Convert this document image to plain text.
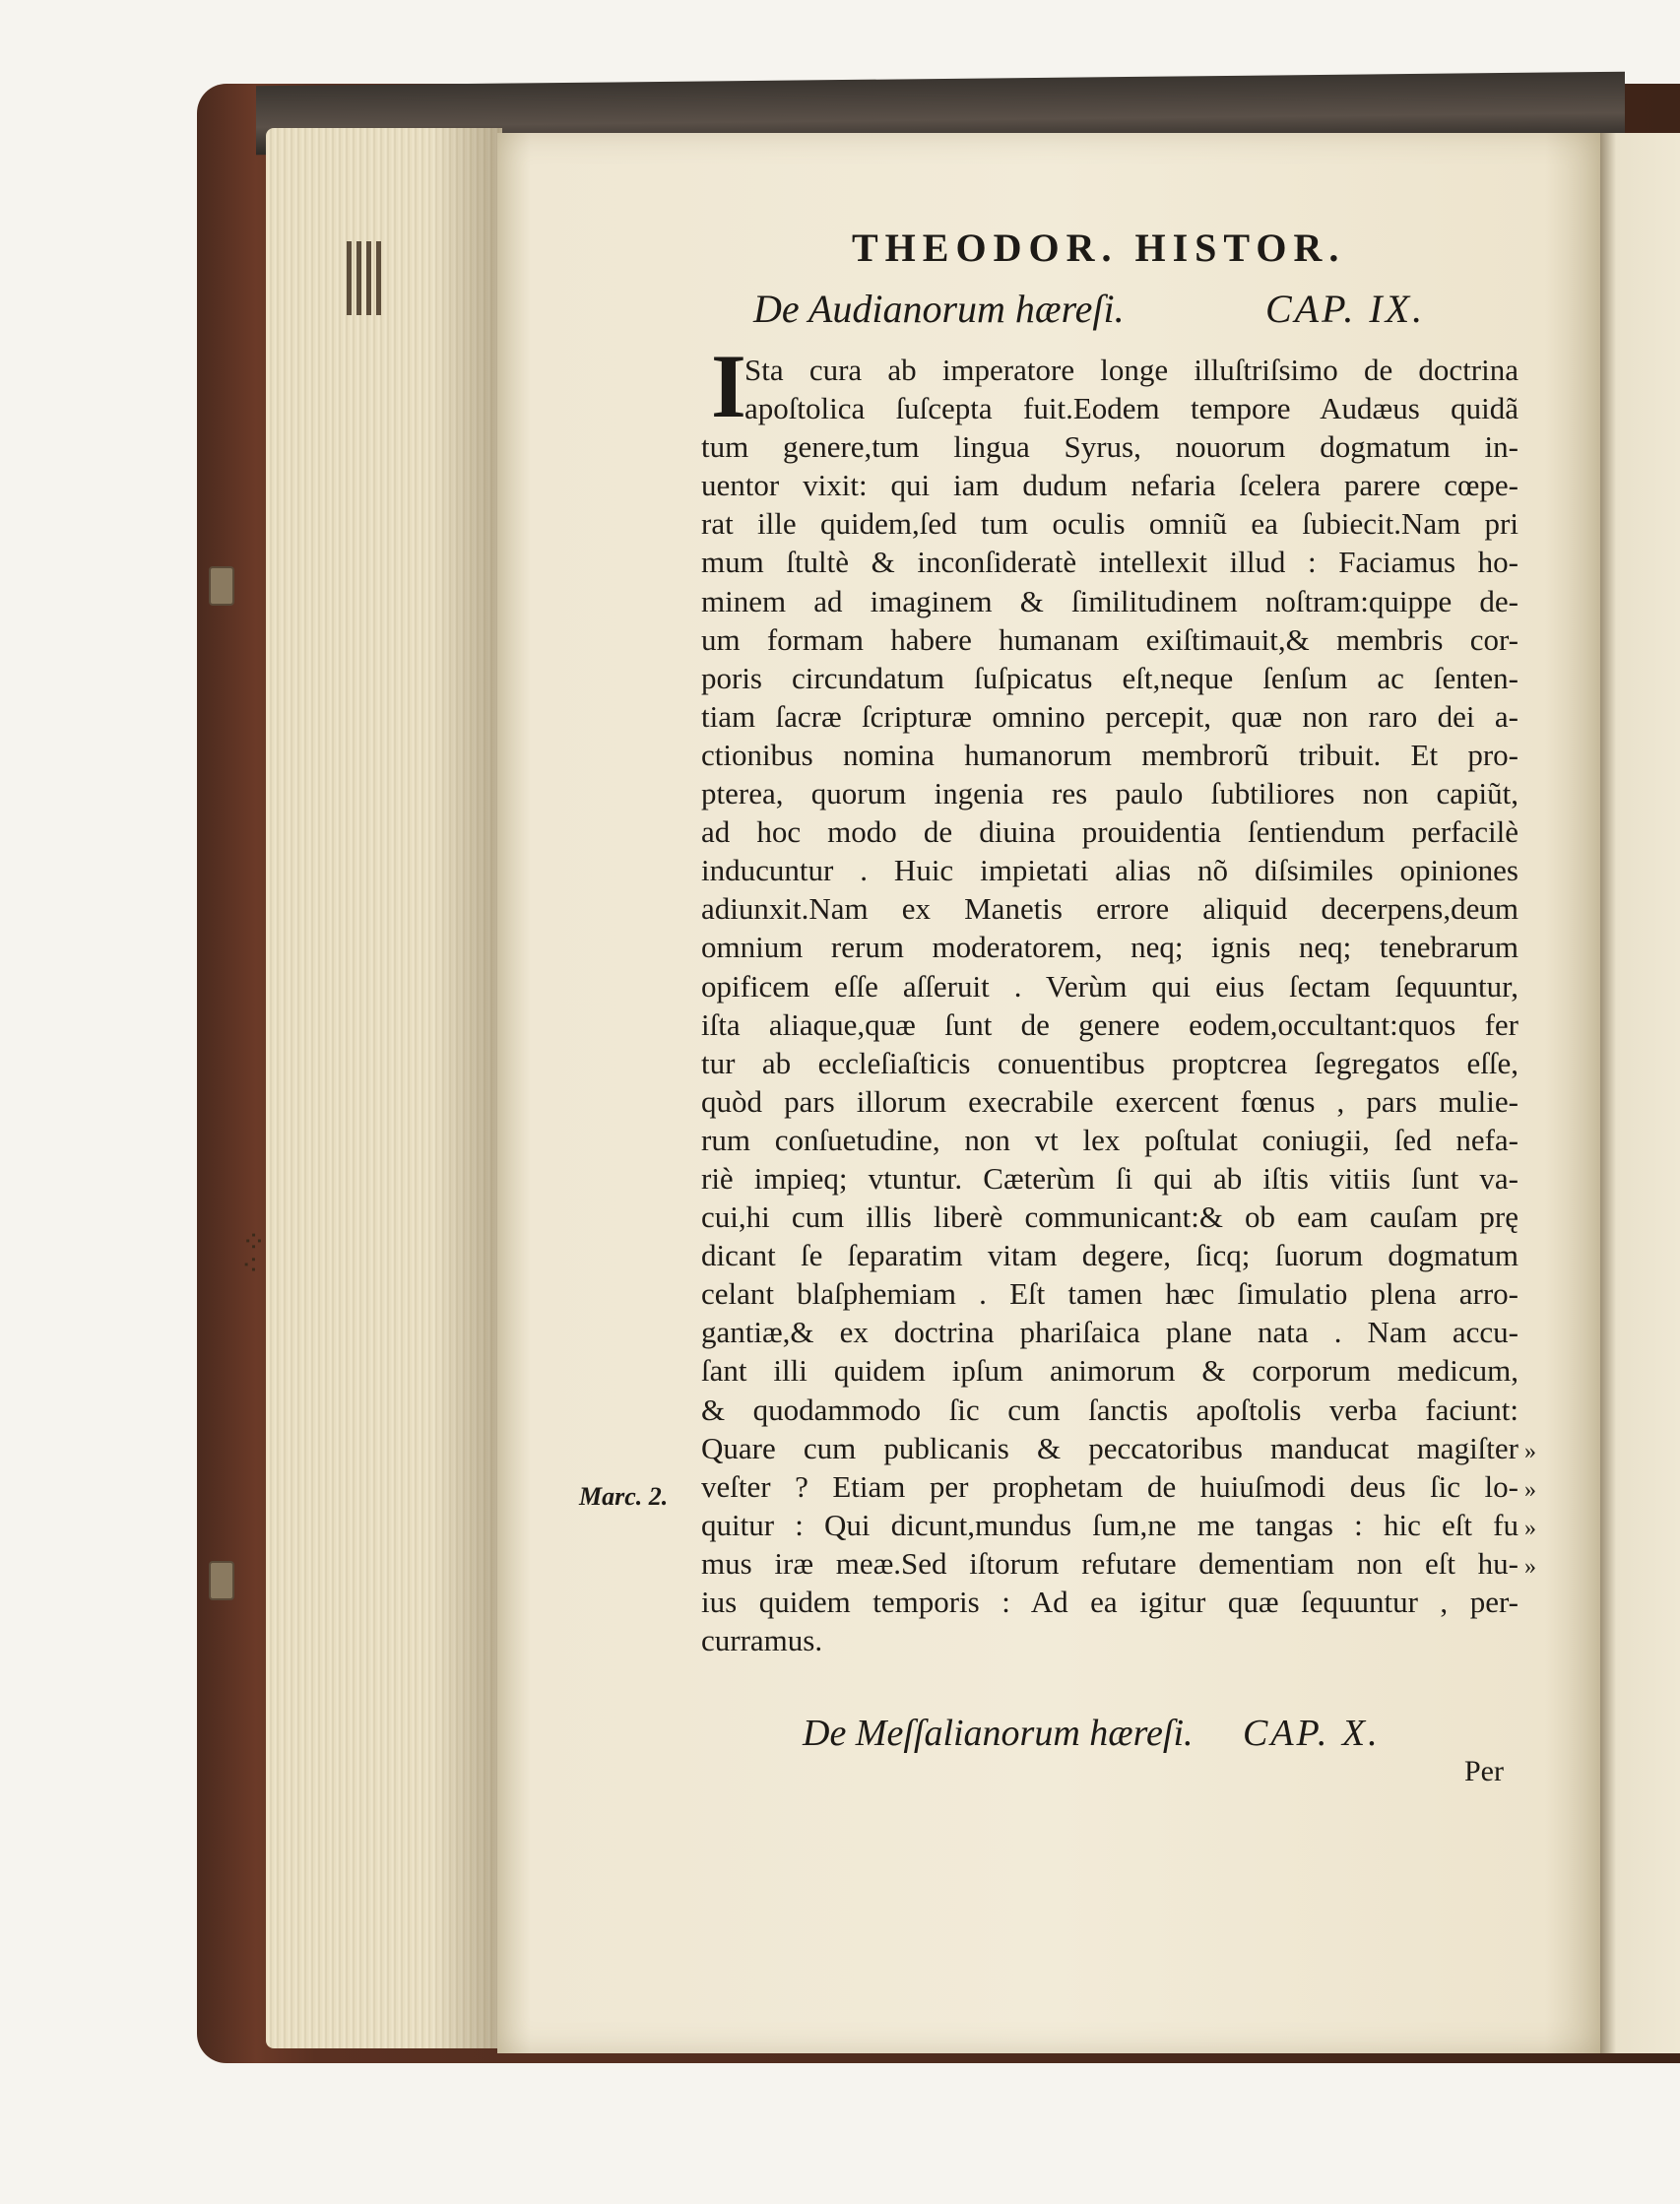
⁘
⁖
THEODOR. HISTOR.
De Audianorum hæreſi.	CAP. IX.
I
Sta cura ab imperatore longe illuſtriſsimo de doctrina
apoſtolica ſuſcepta fuit.Eodem tempore Audæus quidã
tum genere,tum lingua Syrus, nouorum dogmatum in-
uentor vixit: qui iam dudum nefaria ſcelera parere cœpe-
rat ille quidem,ſed tum oculis omniũ ea ſubiecit.Nam pri
mum ſtultè & inconſideratè intellexit illud : Faciamus ho-
minem ad imaginem & ſimilitudinem noſtram:quippe de-
um formam habere humanam exiſtimauit,& membris cor-
poris circundatum ſuſpicatus eſt,neque ſenſum ac ſenten-
tiam ſacræ ſcripturæ omnino percepit, quæ non raro dei a-
ctionibus nomina humanorum membrorũ tribuit. Et pro-
pterea, quorum ingenia res paulo ſubtiliores non capiũt,
ad hoc modo de diuina prouidentia ſentiendum perfacilè
inducuntur . Huic impietati alias nõ diſsimiles opiniones
adiunxit.Nam ex Manetis errore aliquid decerpens,deum
omnium rerum moderatorem, neq; ignis neq; tenebrarum
opificem eſſe aſſeruit . Verùm qui eius ſectam ſequuntur,
iſta aliaque,quæ ſunt de genere eodem,occultant:quos fer
tur ab eccleſiaſticis conuentibus proptcrea ſegregatos eſſe,
quòd pars illorum execrabile exercent fœnus , pars mulie-
rum conſuetudine, non vt lex poſtulat coniugii, ſed nefa-
riè impieq; vtuntur. Cæterùm ſi qui ab iſtis vitiis ſunt va-
cui,hi cum illis liberè communicant:& ob eam cauſam prę
dicant ſe ſeparatim vitam degere, ſicq; ſuorum dogmatum
celant blaſphemiam . Eſt tamen hæc ſimulatio plena arro-
gantiæ,& ex doctrina phariſaica plane nata . Nam accu-
ſant illi quidem ipſum animorum & corporum medicum,
& quodammodo ſic cum ſanctis apoſtolis verba faciunt:
Quare cum publicanis & peccatoribus manducat magiſter
veſter ? Etiam per prophetam de huiuſmodi deus ſic lo-
quitur : Qui dicunt,mundus ſum,ne me tangas : hic eſt fu
mus iræ meæ.Sed iſtorum refutare dementiam non eſt hu-
ius quidem temporis : Ad ea igitur quæ ſequuntur , per-
curramus.
Marc. 2.
»
»
»
»
De Meſſalianorum hæreſi. CAP. X.
Per
